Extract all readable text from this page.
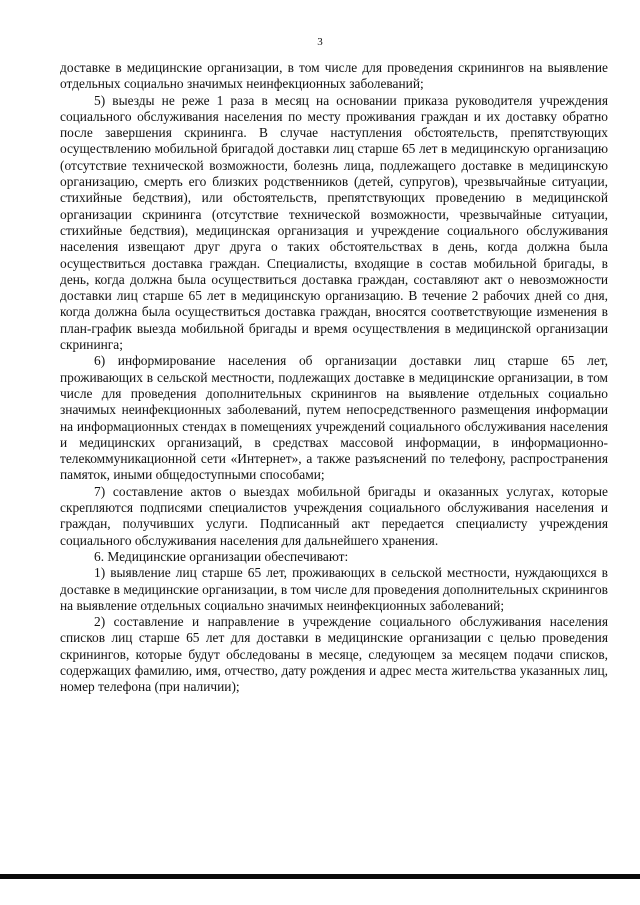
3

доставке в медицинские организации, в том числе для проведения скринингов на выявление отдельных социально значимых неинфекционных заболеваний;

5) выезды не реже 1 раза в месяц на основании приказа руководителя учреждения социального обслуживания населения по месту проживания граждан и их доставку обратно после завершения скрининга. В случае наступления обстоятельств, препятствующих осуществлению мобильной бригадой доставки лиц старше 65 лет в медицинскую организацию (отсутствие технической возможности, болезнь лица, подлежащего доставке в медицинскую организацию, смерть его близких родственников (детей, супругов), чрезвычайные ситуации, стихийные бедствия), или обстоятельств, препятствующих проведению в медицинской организации скрининга (отсутствие технической возможности, чрезвычайные ситуации, стихийные бедствия), медицинская организация и учреждение социального обслуживания населения извещают друг друга о таких обстоятельствах в день, когда должна была осуществиться доставка граждан. Специалисты, входящие в состав мобильной бригады, в день, когда должна была осуществиться доставка граждан, составляют акт о невозможности доставки лиц старше 65 лет в медицинскую организацию. В течение 2 рабочих дней со дня, когда должна была осуществиться доставка граждан, вносятся соответствующие изменения в план-график выезда мобильной бригады и время осуществления в медицинской организации скрининга;

6) информирование населения об организации доставки лиц старше 65 лет, проживающих в сельской местности, подлежащих доставке в медицинские организации, в том числе для проведения дополнительных скринингов на выявление отдельных социально значимых неинфекционных заболеваний, путем непосредственного размещения информации на информационных стендах в помещениях учреждений социального обслуживания населения и медицинских организаций, в средствах массовой информации, в информационно-телекоммуникационной сети «Интернет», а также разъяснений по телефону, распространения памяток, иными общедоступными способами;

7) составление актов о выездах мобильной бригады и оказанных услугах, которые скрепляются подписями специалистов учреждения социального обслуживания населения и граждан, получивших услуги. Подписанный акт передается специалисту учреждения социального обслуживания населения для дальнейшего хранения.

6. Медицинские организации обеспечивают:

1) выявление лиц старше 65 лет, проживающих в сельской местности, нуждающихся в доставке в медицинские организации, в том числе для проведения дополнительных скринингов на выявление отдельных социально значимых неинфекционных заболеваний;

2) составление и направление в учреждение социального обслуживания населения списков лиц старше 65 лет для доставки в медицинские организации с целью проведения скринингов, которые будут обследованы в месяце, следующем за месяцем подачи списков, содержащих фамилию, имя, отчество, дату рождения и адрес места жительства указанных лиц, номер телефона (при наличии);
